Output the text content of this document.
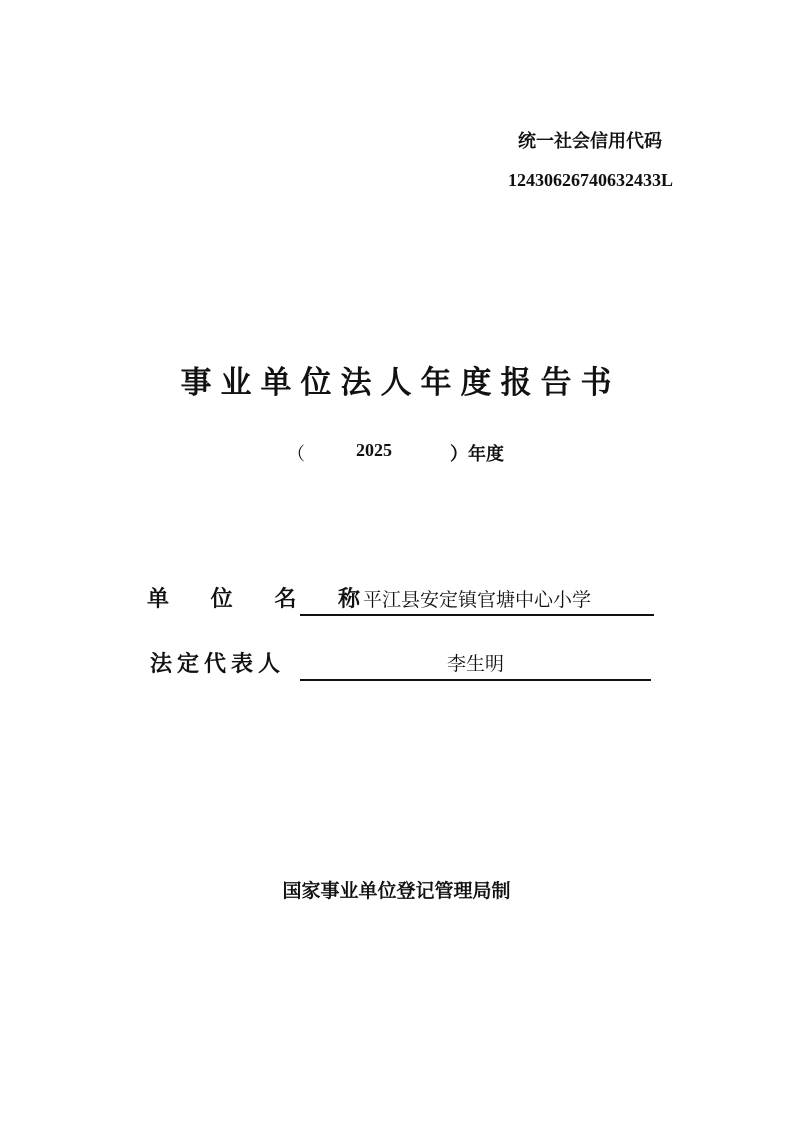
统一社会信用代码
12430626740632433L
事业单位法人年度报告书
（	2025	）年度
单 位 名 称
平江县安定镇官塘中心小学
法定代表人	李生明
国家事业单位登记管理局制
